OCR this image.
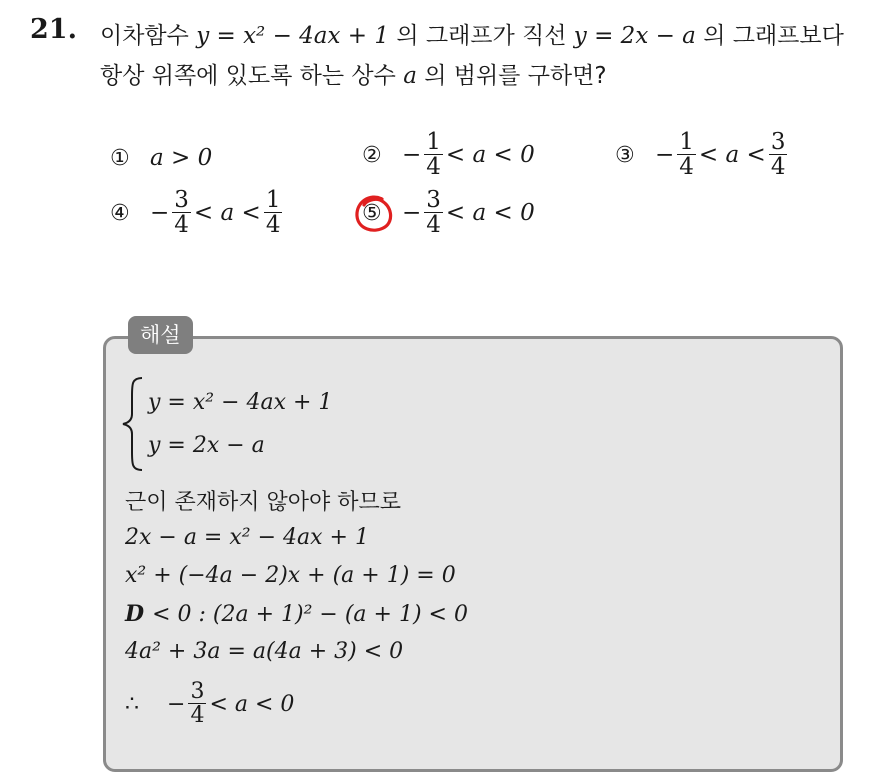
21. 이차함수 y = x² − 4ax + 1 의 그래프가 직선 y = 2x − a 의 그래프보다
항상 위쪽에 있도록 하는 상수 a 의 범위를 구하면?
① a > 0	② − $\frac{1}{4} < a < 0$	③ − $\frac{1}{4} < a < \frac{3}{4}$
④ − $\frac{3}{4} < a < \frac{1}{4}$	⑤ − $\frac{3}{4} < a < 0$
해설
y = x² − 4ax + 1
y = 2x − a
근이 존재하지 않아야 하므로
2x − a = x² − 4ax + 1
x² + (−4a − 2)x + (a + 1) = 0
D < 0 : (2a + 1)² − (a + 1) < 0
4a² + 3a = a(4a + 3) < 0
∴ − $\frac{3}{4} < a < 0$
